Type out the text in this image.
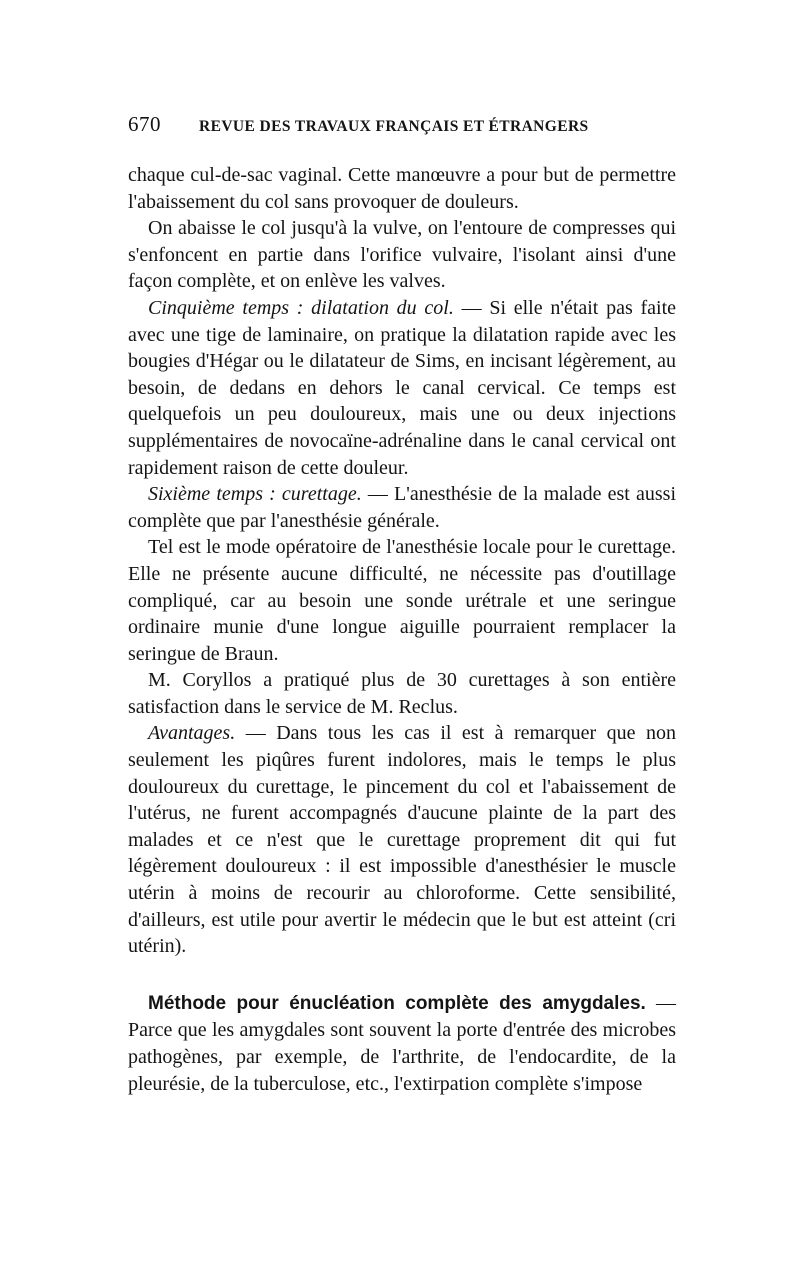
670 REVUE DES TRAVAUX FRANÇAIS ET ÉTRANGERS

chaque cul-de-sac vaginal. Cette manœuvre a pour but de permettre l'abaissement du col sans provoquer de douleurs.

On abaisse le col jusqu'à la vulve, on l'entoure de compresses qui s'enfoncent en partie dans l'orifice vulvaire, l'isolant ainsi d'une façon complète, et on enlève les valves.

Cinquième temps : dilatation du col. — Si elle n'était pas faite avec une tige de laminaire, on pratique la dilatation rapide avec les bougies d'Hégar ou le dilatateur de Sims, en incisant légèrement, au besoin, de dedans en dehors le canal cervical. Ce temps est quelquefois un peu douloureux, mais une ou deux injections supplémentaires de novocaïne-adrénaline dans le canal cervical ont rapidement raison de cette douleur.

Sixième temps : curettage. — L'anesthésie de la malade est aussi complète que par l'anesthésie générale.

Tel est le mode opératoire de l'anesthésie locale pour le curettage. Elle ne présente aucune difficulté, ne nécessite pas d'outillage compliqué, car au besoin une sonde urétrale et une seringue ordinaire munie d'une longue aiguille pourraient remplacer la seringue de Braun.

M. Coryllos a pratiqué plus de 30 curettages à son entière satisfaction dans le service de M. Reclus.

Avantages. — Dans tous les cas il est à remarquer que non seulement les piqûres furent indolores, mais le temps le plus douloureux du curettage, le pincement du col et l'abaissement de l'utérus, ne furent accompagnés d'aucune plainte de la part des malades et ce n'est que le curettage proprement dit qui fut légèrement douloureux : il est impossible d'anesthésier le muscle utérin à moins de recourir au chloroforme. Cette sensibilité, d'ailleurs, est utile pour avertir le médecin que le but est atteint (cri utérin).

Méthode pour énucléation complète des amygdales. — Parce que les amygdales sont souvent la porte d'entrée des microbes pathogènes, par exemple, de l'arthrite, de l'endocardite, de la pleurésie, de la tuberculose, etc., l'extirpation complète s'impose
